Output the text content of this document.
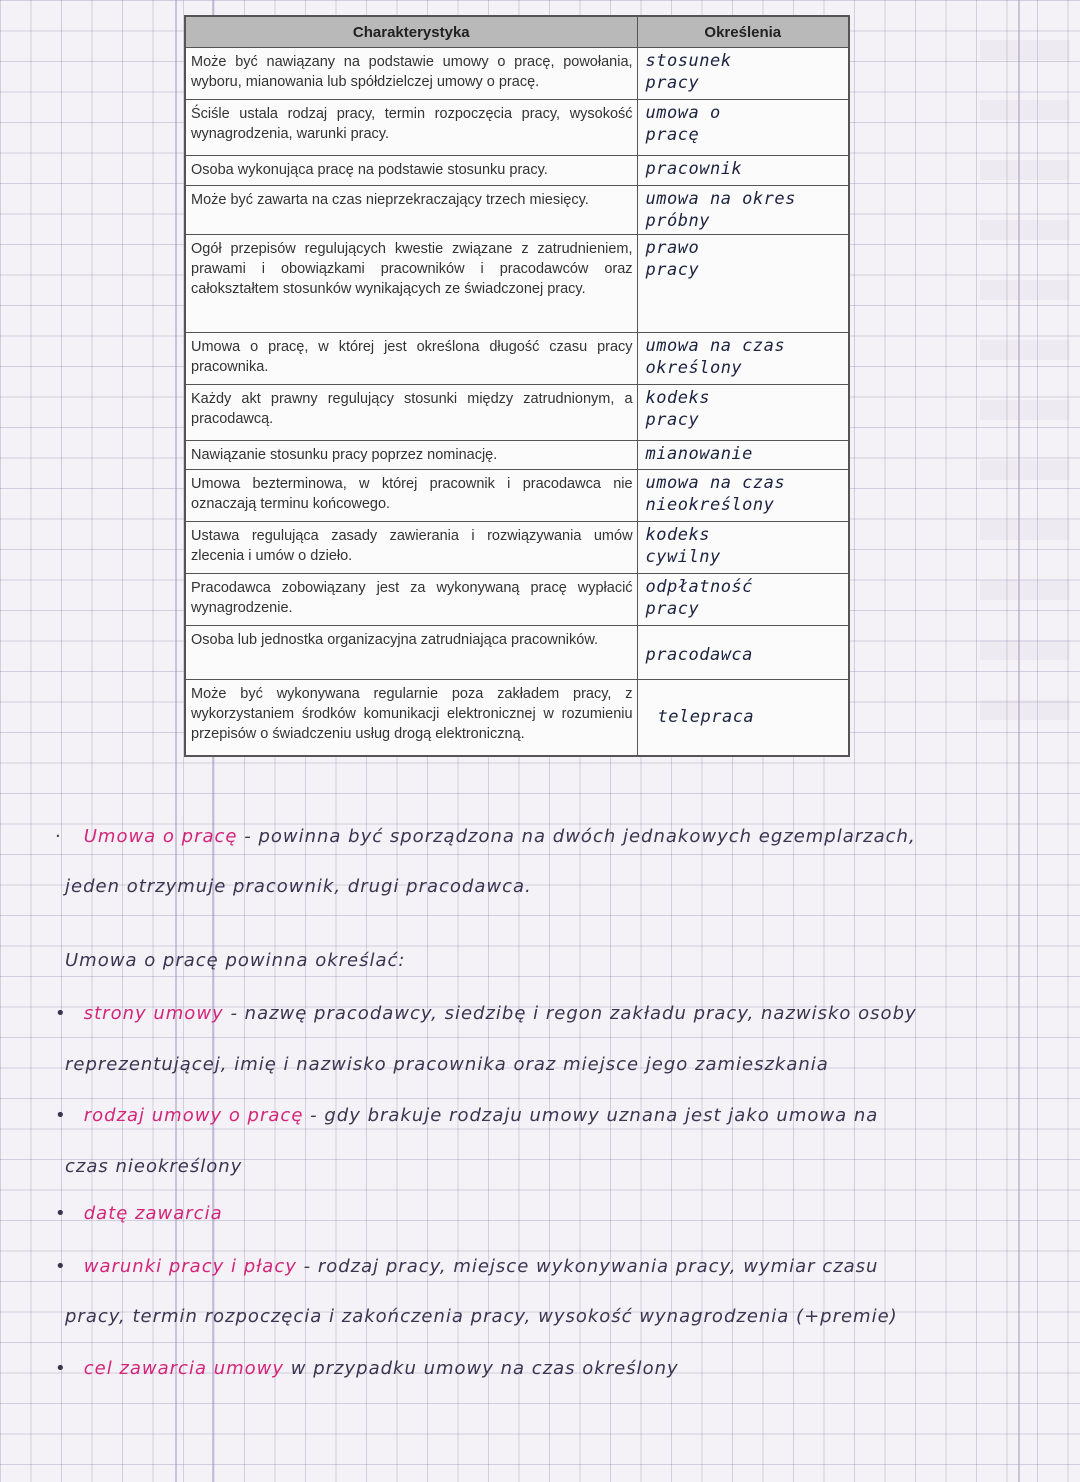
Charakterystyka	Określenia
Może być nawiązany na podstawie umowy o pracę, powołania, wyboru, mianowania lub spółdzielczej umowy o pracę.	stosunek
pracy
Ściśle ustala rodzaj pracy, termin rozpoczęcia pracy, wysokość wynagrodzenia, warunki pracy.	umowa o
pracę
Osoba wykonująca pracę na podstawie stosunku pracy.	pracownik
Może być zawarta na czas nieprzekraczający trzech miesięcy.	umowa na okres
próbny
Ogół przepisów regulujących kwestie związane z zatrudnieniem, prawami i obowiązkami pracowników i pracodawców oraz całokształtem stosunków wynikających ze świadczonej pracy.	prawo
pracy
Umowa o pracę, w której jest określona długość czasu pracy pracownika.	umowa na czas
określony
Każdy akt prawny regulujący stosunki między zatrudnionym, a pracodawcą.	kodeks
pracy
Nawiązanie stosunku pracy poprzez nominację.	mianowanie
Umowa bezterminowa, w której pracownik i pracodawca nie oznaczają terminu końcowego.	umowa na czas
nieokreślony
Ustawa regulująca zasady zawierania i rozwiązywania umów zlecenia i umów o dzieło.	kodeks
cywilny
Pracodawca zobowiązany jest za wykonywaną pracę wypłacić wynagrodzenie.	odpłatność
pracy
Osoba lub jednostka organizacyjna zatrudniająca pracowników.	pracodawca
Może być wykonywana regularnie poza zakładem pracy, z wykorzystaniem środków komunikacji elektronicznej w rozumieniu przepisów o świadczeniu usług drogą elektroniczną.	telepraca
· Umowa o pracę - powinna być sporządzona na dwóch jednakowych egzemplarzach,
jeden otrzymuje pracownik, drugi pracodawca.
Umowa o pracę powinna określać:
• strony umowy - nazwę pracodawcy, siedzibę i regon zakładu pracy, nazwisko osoby
reprezentującej, imię i nazwisko pracownika oraz miejsce jego zamieszkania
• rodzaj umowy o pracę - gdy brakuje rodzaju umowy uznana jest jako umowa na
czas nieokreślony
• datę zawarcia
• warunki pracy i płacy - rodzaj pracy, miejsce wykonywania pracy, wymiar czasu
pracy, termin rozpoczęcia i zakończenia pracy, wysokość wynagrodzenia (+premie)
• cel zawarcia umowy w przypadku umowy na czas określony
